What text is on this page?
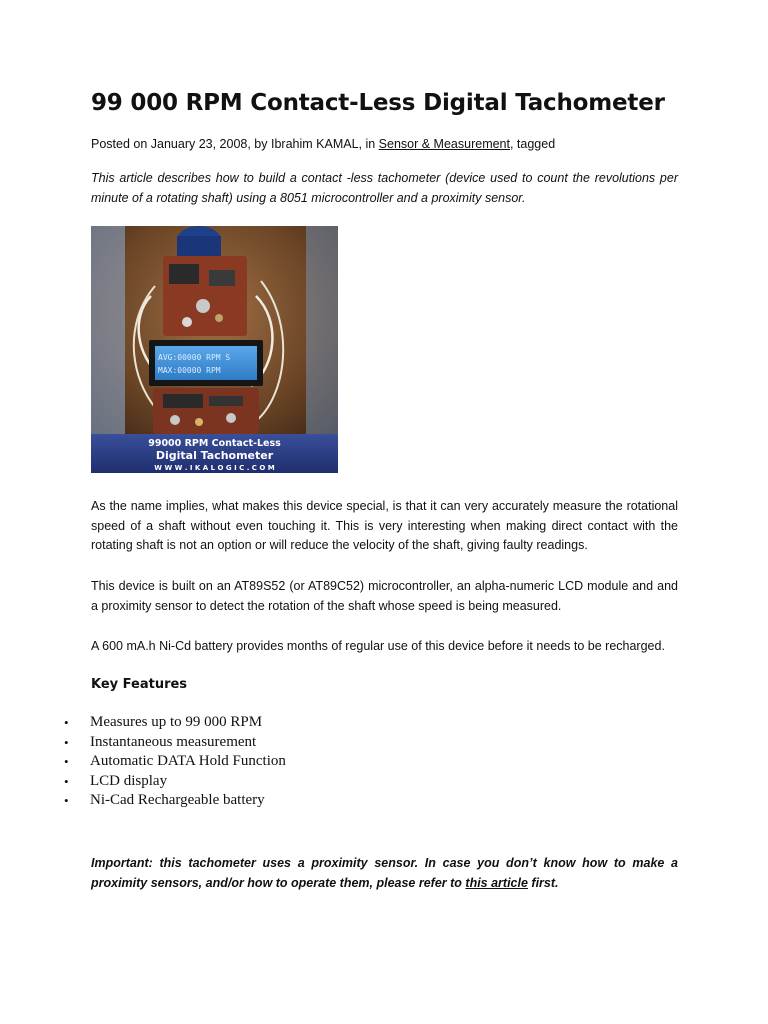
99 000 RPM Contact-Less Digital Tachometer
Posted on January 23, 2008, by Ibrahim KAMAL, in Sensor & Measurement, tagged

This article describes how to build a contact -less tachometer (device used to count the revolutions per minute of a rotating shaft) using a 8051 microcontroller and a proximity sensor.

AVG:00000 RPM S
MAX:00000 RPM
99000 RPM Contact-Less
Digital Tachometer
W W W . I K A L O G I C . C O M

As the name implies, what makes this device special, is that it can very accurately measure the rotational speed of a shaft without even touching it. This is very interesting when making direct contact with the rotating shaft is not an option or will reduce the velocity of the shaft, giving faulty readings.

This device is built on an AT89S52 (or AT89C52) microcontroller, an alpha-numeric LCD module and and a proximity sensor to detect the rotation of the shaft whose speed is being measured.

A 600 mA.h Ni-Cd battery provides months of regular use of this device before it needs to be recharged.

Key Features
• Measures up to 99 000 RPM
• Instantaneous measurement
• Automatic DATA Hold Function
• LCD display
• Ni-Cad Rechargeable battery

Important: this tachometer uses a proximity sensor. In case you don’t know how to make a proximity sensors, and/or how to operate them, please refer to this article first.
